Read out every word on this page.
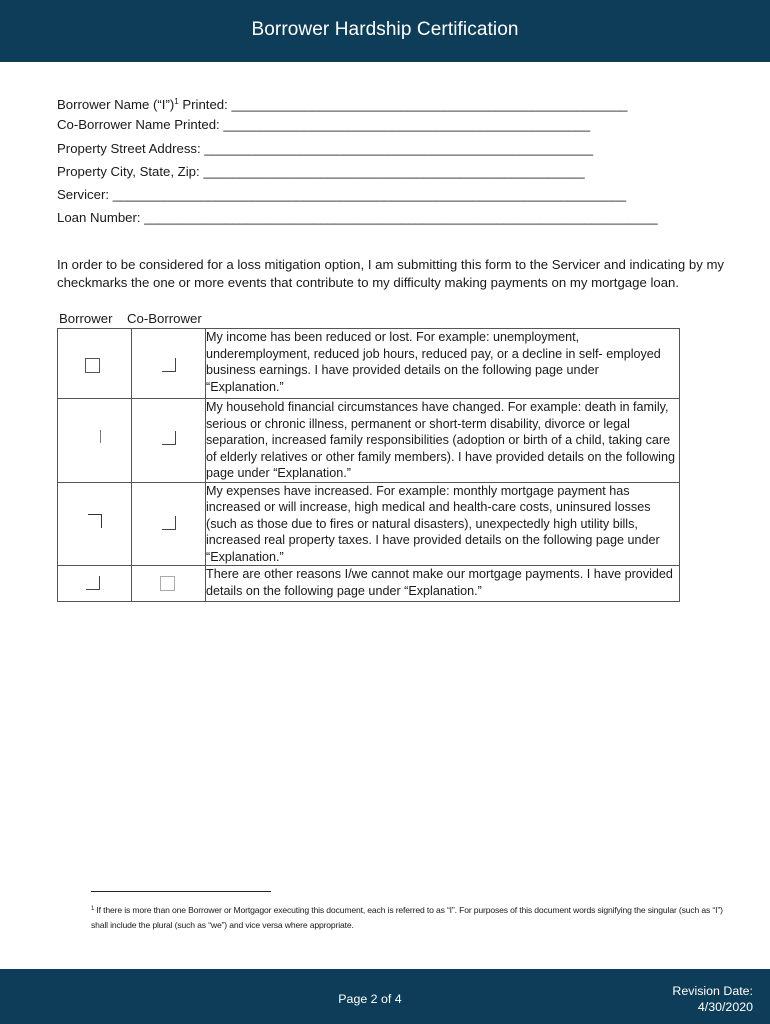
Borrower Hardship Certification
Borrower Name (“I”)$^1$ Printed: ______________________________________________________
Co-Borrower Name Printed: __________________________________________________
Property Street Address: _____________________________________________________
Property City, State, Zip: ____________________________________________________
Servicer: ______________________________________________________________________
Loan Number: ______________________________________________________________________
In order to be considered for a loss mitigation option, I am submitting this form to the Servicer and indicating by my checkmarks the one or more events that contribute to my difficulty making payments on my mortgage loan.
Borrower Co-Borrower

	My income has been reduced or lost. For example: unemployment, underemployment, reduced job hours, reduced pay, or a decline in self- employed business earnings. I have provided details on the following page under “Explanation.”

	My household financial circumstances have changed. For example: death in family, serious or chronic illness, permanent or short-term disability, divorce or legal separation, increased family responsibilities (adoption or birth of a child, taking care of elderly relatives or other family members). I have provided details on the following page under “Explanation.”

	My expenses have increased. For example: monthly mortgage payment has increased or will increase, high medical and health-care costs, uninsured losses (such as those due to fires or natural disasters), unexpectedly high utility bills, increased real property taxes. I have provided details on the following page under “Explanation.”

	There are other reasons I/we cannot make our mortgage payments. I have provided details on the following page under “Explanation.”
$^1$ If there is more than one Borrower or Mortgagor executing this document, each is referred to as “I”. For purposes of this document words signifying the singular (such as “I”) shall include the plural (such as “we”) and vice versa where appropriate.
Page 2 of 4
Revision Date:
4/30/2020
